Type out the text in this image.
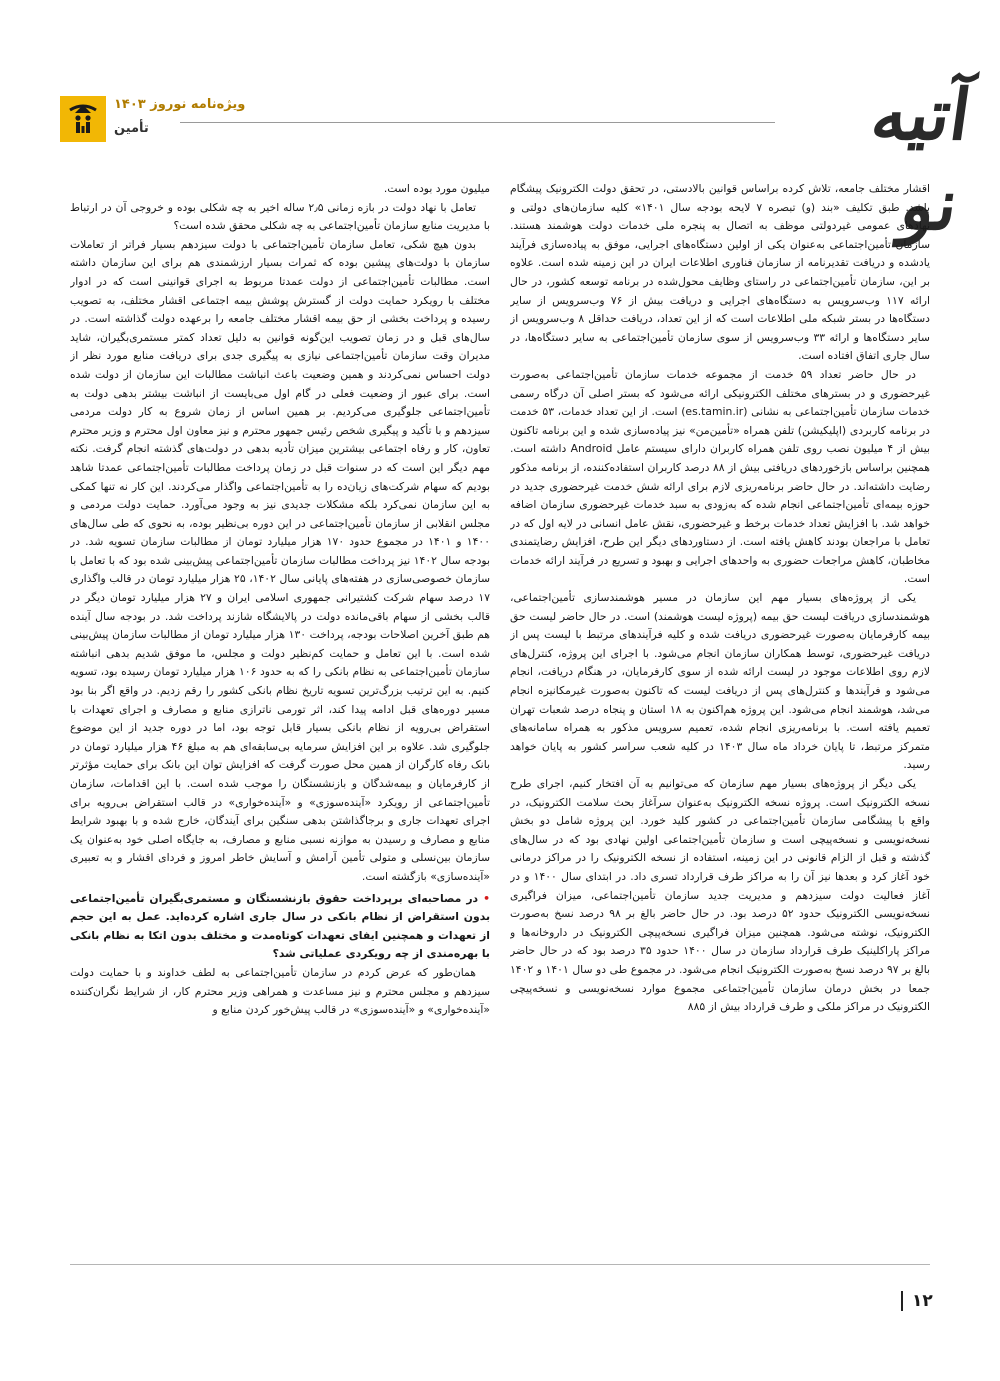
آتیه نو
ویژه‌نامه نوروز ۱۴۰۳
تأمین

اقشار مختلف جامعه، تلاش کرده براساس قوانین بالادستی، در تحقق دولت الکترونیک پیشگام باشد. طبق تکلیف «بند (و) تبصره ۷ لایحه بودجه سال ۱۴۰۱» کلیه سازمان‌های دولتی و نهادهای عمومی غیردولتی موظف به اتصال به پنجره ملی خدمات دولت هوشمند هستند. سازمان تأمین‌اجتماعی به‌عنوان یکی از اولین دستگاه‌های اجرایی، موفق به پیاده‌سازی فرآیند یادشده و دریافت تقدیرنامه از سازمان فناوری اطلاعات ایران در این زمینه شده است. علاوه بر این، سازمان تأمین‌اجتماعی در راستای وظایف محول‌شده در برنامه توسعه کشور، در حال ارائه ۱۱۷ وب‌سرویس به دستگاه‌های اجرایی و دریافت بیش از ۷۶ وب‌سرویس از سایر دستگاه‌ها در بستر شبکه ملی اطلاعات است که از این تعداد، دریافت حداقل ۸ وب‌سرویس از سایر دستگاه‌ها و ارائه ۳۳ وب‌سرویس از سوی سازمان تأمین‌اجتماعی به سایر دستگاه‌ها، در سال جاری اتفاق افتاده است.

در حال حاضر تعداد ۵۹ خدمت از مجموعه خدمات سازمان تأمین‌اجتماعی به‌صورت غیرحضوری و در بسترهای مختلف الکترونیکی ارائه می‌شود که بستر اصلی آن درگاه رسمی خدمات سازمان تأمین‌اجتماعی به نشانی (es.tamin.ir) است. از این تعداد خدمات، ۵۳ خدمت در برنامه کاربردی (اپلیکیشن) تلفن همراه «تأمین‌من» نیز پیاده‌سازی شده و این برنامه تاکنون بیش از ۴ میلیون نصب روی تلفن همراه کاربران دارای سیستم عامل Android داشته است. همچنین براساس بازخوردهای دریافتی بیش از ۸۸ درصد کاربران استفاده‌کننده، از برنامه مذکور رضایت داشته‌اند. در حال حاضر برنامه‌ریزی لازم برای ارائه شش خدمت غیرحضوری جدید در حوزه بیمه‌ای تأمین‌اجتماعی انجام شده که به‌زودی به سبد خدمات غیرحضوری سازمان اضافه خواهد شد. با افزایش تعداد خدمات برخط و غیرحضوری، نقش عامل انسانی در لایه اول که در تعامل با مراجعان بودند کاهش یافته است. از دستاوردهای دیگر این طرح، افزایش رضایتمندی مخاطبان، کاهش مراجعات حضوری به واحدهای اجرایی و بهبود و تسریع در فرآیند ارائه خدمات است.

یکی از پروژه‌های بسیار مهم این سازمان در مسیر هوشمندسازی تأمین‌اجتماعی، هوشمندسازی دریافت لیست حق بیمه (پروژه لیست هوشمند) است. در حال حاضر لیست حق بیمه کارفرمایان به‌صورت غیرحضوری دریافت شده و کلیه فرآیندهای مرتبط با لیست پس از دریافت غیرحضوری، توسط همکاران سازمان انجام می‌شود. با اجرای این پروژه، کنترل‌های لازم روی اطلاعات موجود در لیست ارائه شده از سوی کارفرمایان، در هنگام دریافت، انجام می‌شود و فرآیندها و کنترل‌های پس از دریافت لیست که تاکنون به‌صورت غیرمکانیزه انجام می‌شد، هوشمند انجام می‌شود. این پروژه هم‌اکنون به ۱۸ استان و پنجاه درصد شعبات تهران تعمیم یافته است. با برنامه‌ریزی انجام شده، تعمیم سرویس مذکور به همراه سامانه‌های متمرکز مرتبط، تا پایان خرداد ماه سال ۱۴۰۳ در کلیه شعب سراسر کشور به پایان خواهد رسید.

یکی دیگر از پروژه‌های بسیار مهم سازمان که می‌توانیم به آن افتخار کنیم، اجرای طرح نسخه الکترونیک است. پروژه نسخه الکترونیک به‌عنوان سرآغاز بحث سلامت الکترونیک، در واقع با پیشگامی سازمان تأمین‌اجتماعی در کشور کلید خورد. این پروژه شامل دو بخش نسخه‌نویسی و نسخه‌پیچی است و سازمان تأمین‌اجتماعی اولین نهادی بود که در سال‌های گذشته و قبل از الزام قانونی در این زمینه، استفاده از نسخه الکترونیک را در مراکز درمانی خود آغاز کرد و بعدها نیز آن را به مراکز طرف قرارداد تسری داد. در ابتدای سال ۱۴۰۰ و در آغاز فعالیت دولت سیزدهم و مدیریت جدید سازمان تأمین‌اجتماعی، میزان فراگیری نسخه‌نویسی الکترونیک حدود ۵۲ درصد بود. در حال حاضر بالغ بر ۹۸ درصد نسخ به‌صورت الکترونیک، نوشته می‌شود. همچنین میزان فراگیری نسخه‌پیچی الکترونیک در داروخانه‌ها و مراکز پاراکلینیک طرف قرارداد سازمان در سال ۱۴۰۰ حدود ۳۵ درصد بود که در حال حاضر بالغ بر ۹۷ درصد نسخ به‌صورت الکترونیک انجام می‌شود. در مجموع طی دو سال ۱۴۰۱ و ۱۴۰۲ جمعا در بخش درمان سازمان تأمین‌اجتماعی مجموع موارد نسخه‌نویسی و نسخه‌پیچی الکترونیک در مراکز ملکی و طرف قرارداد بیش از ۸۸۵

میلیون مورد بوده است.

تعامل با نهاد دولت در بازه زمانی ۲٫۵ ساله اخیر به چه شکلی بوده و خروجی آن در ارتباط با مدیریت منابع سازمان تأمین‌اجتماعی به چه شکلی محقق شده است؟

بدون هیچ شکی، تعامل سازمان تأمین‌اجتماعی با دولت سیزدهم بسیار فراتر از تعاملات سازمان با دولت‌های پیشین بوده که ثمرات بسیار ارزشمندی هم برای این سازمان داشته است. مطالبات تأمین‌اجتماعی از دولت عمدتا مربوط به اجرای قوانینی است که در ادوار مختلف با رویکرد حمایت دولت از گسترش پوشش بیمه اجتماعی اقشار مختلف، به تصویب رسیده و پرداخت بخشی از حق بیمه اقشار مختلف جامعه را برعهده دولت گذاشته است. در سال‌های قبل و در زمان تصویب این‌گونه قوانین به دلیل تعداد کمتر مستمری‌بگیران، شاید مدیران وقت سازمان تأمین‌اجتماعی نیازی به پیگیری جدی برای دریافت منابع مورد نظر از دولت احساس نمی‌کردند و همین وضعیت باعث انباشت مطالبات این سازمان از دولت شده است. برای عبور از وضعیت فعلی در گام اول می‌بایست از انباشت بیشتر بدهی دولت به تأمین‌اجتماعی جلوگیری می‌کردیم. بر همین اساس از زمان شروع به کار دولت مردمی سیزدهم و با تأکید و پیگیری شخص رئیس جمهور محترم و نیز معاون اول محترم و وزیر محترم تعاون، کار و رفاه اجتماعی بیشترین میزان تأدیه بدهی در دولت‌های گذشته انجام گرفت. نکته مهم دیگر این است که در سنوات قبل در زمان پرداخت مطالبات تأمین‌اجتماعی عمدتا شاهد بودیم که سهام شرکت‌های زیان‌ده را به تأمین‌اجتماعی واگذار می‌کردند. این کار نه تنها کمکی به این سازمان نمی‌کرد بلکه مشکلات جدیدی نیز به وجود می‌آورد. حمایت دولت مردمی و مجلس انقلابی از سازمان تأمین‌اجتماعی در این دوره بی‌نظیر بوده، به نحوی که طی سال‌های ۱۴۰۰ و ۱۴۰۱ در مجموع حدود ۱۷۰ هزار میلیارد تومان از مطالبات سازمان تسویه شد. در بودجه سال ۱۴۰۲ نیز پرداخت مطالبات سازمان تأمین‌اجتماعی پیش‌بینی شده بود که با تعامل با سازمان خصوصی‌سازی در هفته‌های پایانی سال ۱۴۰۲، ۲۵ هزار میلیارد تومان در قالب واگذاری ۱۷ درصد سهام شرکت کشتیرانی جمهوری اسلامی ایران و ۲۷ هزار میلیارد تومان دیگر در قالب بخشی از سهام باقی‌مانده دولت در پالایشگاه شازند پرداخت شد. در بودجه سال آینده هم طبق آخرین اصلاحات بودجه، پرداخت ۱۳۰ هزار میلیارد تومان از مطالبات سازمان پیش‌بینی شده است. با این تعامل و حمایت کم‌نظیر دولت و مجلس، ما موفق شدیم بدهی انباشته سازمان تأمین‌اجتماعی به نظام بانکی را که به حدود ۱۰۶ هزار میلیارد تومان رسیده بود، تسویه کنیم. به این ترتیب بزرگ‌ترین تسویه تاریخ نظام بانکی کشور را رقم زدیم. در واقع اگر بنا بود مسیر دوره‌های قبل ادامه پیدا کند، اثر تورمی ناترازی منابع و مصارف و اجرای تعهدات با استقراض بی‌رویه از نظام بانکی بسیار قابل توجه بود، اما در دوره جدید از این موضوع جلوگیری شد. علاوه بر این افزایش سرمایه بی‌سابقه‌ای هم به مبلغ ۴۶ هزار میلیارد تومان در بانک رفاه کارگران از همین محل صورت گرفت که افزایش توان این بانک برای حمایت مؤثرتر از کارفرمایان و بیمه‌شدگان و بازنشستگان را موجب شده است. با این اقدامات، سازمان تأمین‌اجتماعی از رویکرد «آینده‌سوزی» و «آینده‌خواری» در قالب استقراض بی‌رویه برای اجرای تعهدات جاری و برجاگذاشتن بدهی سنگین برای آیندگان، خارج شده و با بهبود شرایط منابع و مصارف و رسیدن به موازنه نسبی منابع و مصارف، به جایگاه اصلی خود به‌عنوان یک سازمان بین‌نسلی و متولی تأمین آرامش و آسایش خاطر امروز و فردای اقشار و به تعبیری «آینده‌سازی» بازگشته است.

• در مصاحبه‌ای برپرداخت حقوق بازنشستگان و مستمری‌بگیران تأمین‌اجتماعی بدون استقراض از نظام بانکی در سال جاری اشاره کرده‌اید. عمل به این حجم از تعهدات و همچنین ایفای تعهدات کوتاه‌مدت و مختلف بدون اتکا به نظام بانکی با بهره‌مندی از چه رویکردی عملیاتی شد؟

همان‌طور که عرض کردم در سازمان تأمین‌اجتماعی به لطف خداوند و با حمایت دولت سیزدهم و مجلس محترم و نیز مساعدت و همراهی وزیر محترم کار، از شرایط نگران‌کننده «آینده‌خواری» و «آینده‌سوزی» در قالب پیش‌خور کردن منابع و

۱۲
